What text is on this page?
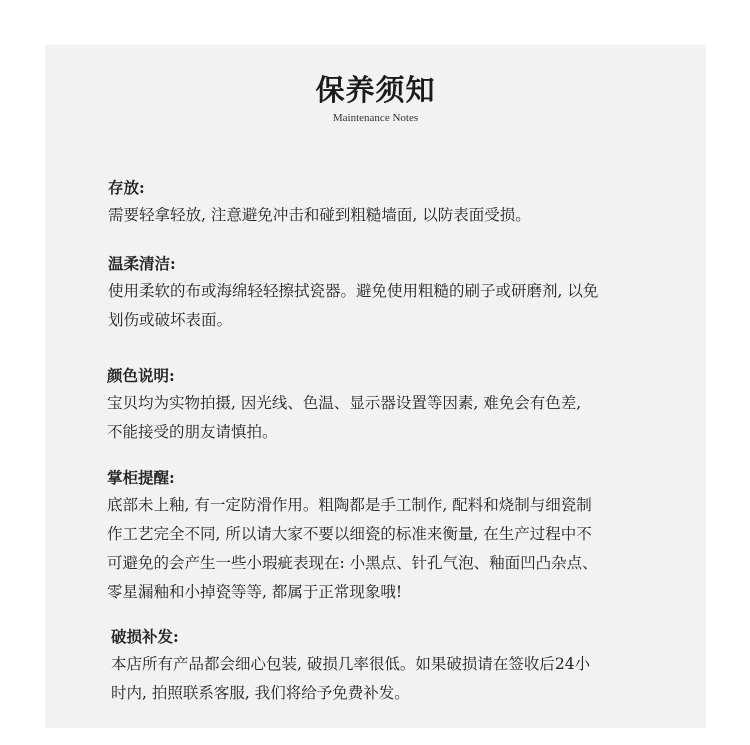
保养须知
Maintenance Notes

存放:

需要轻拿轻放, 注意避免冲击和碰到粗糙墙面, 以防表面受损。

温柔清洁:

使用柔软的布或海绵轻轻擦拭瓷器。避免使用粗糙的刷子或研磨剂, 以免
划伤或破坏表面。

颜色说明:

宝贝均为实物拍摄, 因光线、色温、显示器设置等因素, 难免会有色差,
不能接受的朋友请慎拍。

掌柜提醒:

底部未上釉, 有一定防滑作用。粗陶都是手工制作, 配料和烧制与细瓷制
作工艺完全不同, 所以请大家不要以细瓷的标准来衡量, 在生产过程中不
可避免的会产生一些小瑕疵表现在: 小黑点、针孔气泡、釉面凹凸杂点、
零星漏釉和小掉瓷等等, 都属于正常现象哦!

破损补发:

本店所有产品都会细心包装, 破损几率很低。如果破损请在签收后24小
时内, 拍照联系客服, 我们将给予免费补发。
